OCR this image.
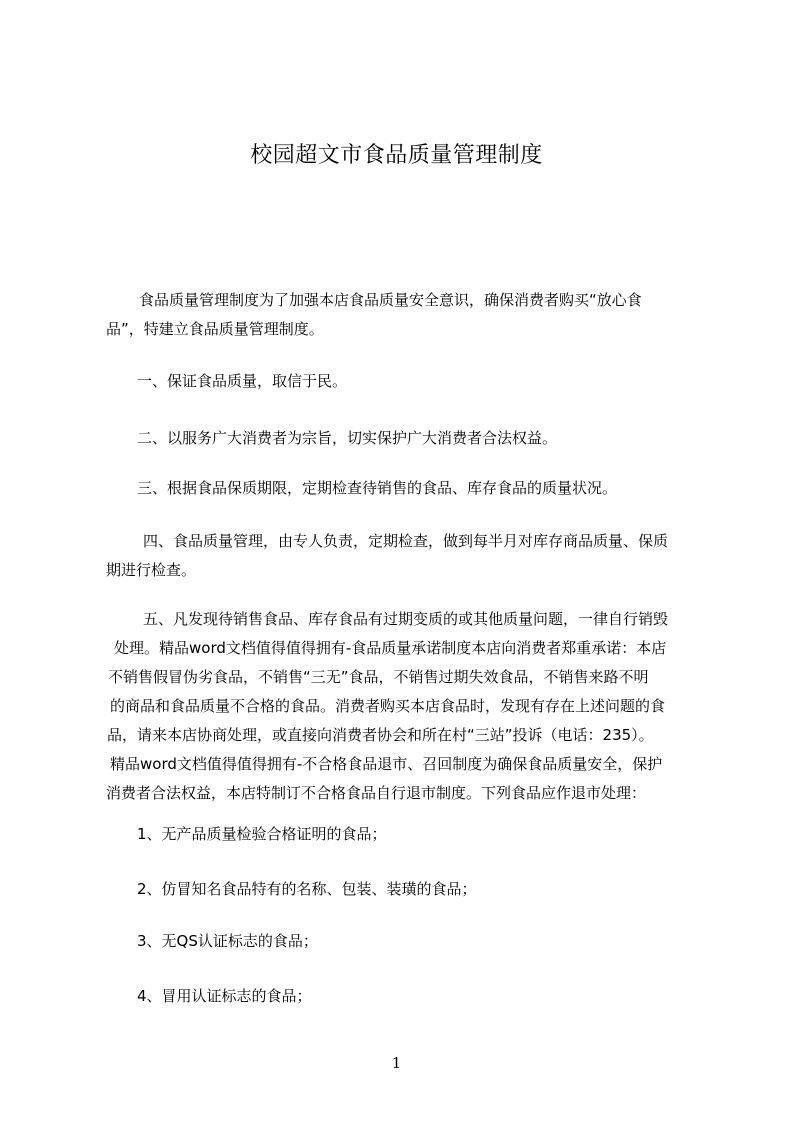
校园超文市食品质量管理制度
食品质量管理制度为了加强本店食品质量安全意识，确保消费者购买“放心食
品”，特建立食品质量管理制度。
一、保证食品质量，取信于民。
二、以服务广大消费者为宗旨，切实保护广大消费者合法权益。
三、根据食品保质期限，定期检查待销售的食品、库存食品的质量状况。
四、食品质量管理，由专人负责，定期检查，做到每半月对库存商品质量、保质
期进行检查。
五、凡发现待销售食品、库存食品有过期变质的或其他质量问题，一律自行销毁
处理。精品word文档值得值得拥有-食品质量承诺制度本店向消费者郑重承诺：本店
不销售假冒伪劣食品，不销售“三无”食品，不销售过期失效食品，不销售来路不明
的商品和食品质量不合格的食品。消费者购买本店食品时，发现有存在上述问题的食
品，请来本店协商处理，或直接向消费者协会和所在村“三站”投诉（电话：235）。
精品word文档值得值得拥有-不合格食品退市、召回制度为确保食品质量安全，保护
消费者合法权益，本店特制订不合格食品自行退市制度。下列食品应作退市处理：
1、无产品质量检验合格证明的食品；
2、仿冒知名食品特有的名称、包装、装璜的食品；
3、无QS认证标志的食品；
4、冒用认证标志的食品；
1
